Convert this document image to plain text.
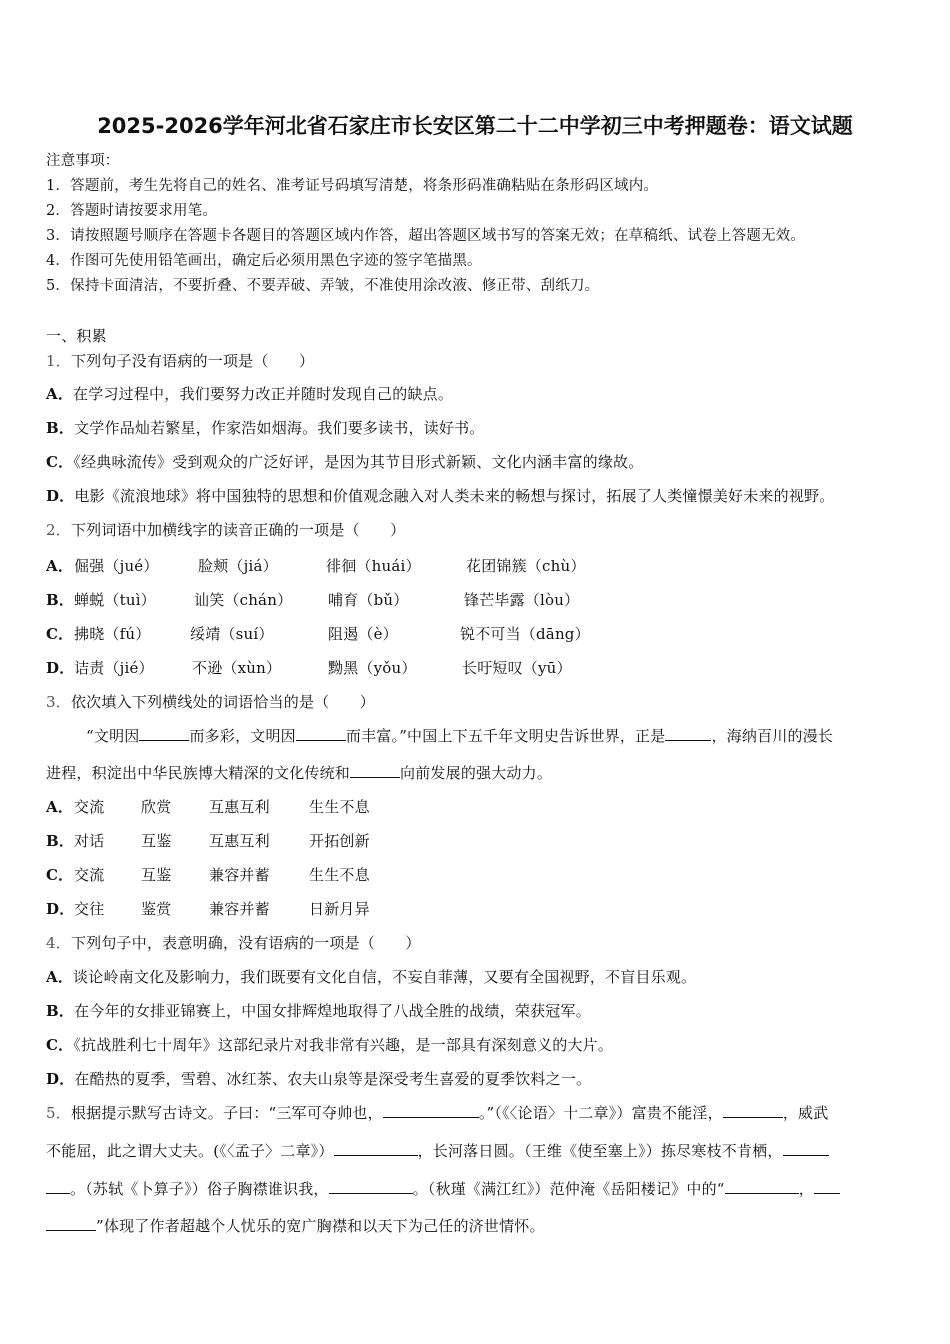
2025-2026学年河北省石家庄市长安区第二十二中学初三中考押题卷：语文试题
注意事项：
1．答题前，考生先将自己的姓名、准考证号码填写清楚，将条形码准确粘贴在条形码区域内。
2．答题时请按要求用笔。
3．请按照题号顺序在答题卡各题目的答题区域内作答，超出答题区域书写的答案无效；在草稿纸、试卷上答题无效。
4．作图可先使用铅笔画出，确定后必须用黑色字迹的签字笔描黑。
5．保持卡面清洁，不要折叠、不要弄破、弄皱，不准使用涂改液、修正带、刮纸刀。
一、积累
1．下列句子没有语病的一项是（　　）
A．在学习过程中，我们要努力改正并随时发现自己的缺点。
B．文学作品灿若繁星，作家浩如烟海。我们要多读书，读好书。
C．《经典咏流传》受到观众的广泛好评，是因为其节目形式新颖、文化内涵丰富的缘故。
D．电影《流浪地球》将中国独特的思想和价值观念融入对人类未来的畅想与探讨，拓展了人类憧憬美好未来的视野。
2．下列词语中加横线字的读音正确的一项是（　　）
A． 倔强（jué）	脸颊（jiá）	徘徊（huái）	花团锦簇（chù）
B． 蝉蜕（tuì）	讪笑（chán） 哺育（bǔ）	锋芒毕露（lòu）
C． 拂晓（fú）	绥靖（suí）	阻遏（è）	锐不可当（dāng）
D． 诘责（jié）	不逊（xùn）	黝黑（yǒu）	长吁短叹（yū）
3．依次填入下列横线处的词语恰当的是（　　）
“文明因	而多彩，文明因	而丰富。”中国上下五千年文明史告诉世界，正是	，海纳百川的漫长
进程，积淀出中华民族博大精深的文化传统和	向前发展的强大动力。
A． 交流 欣赏	互惠互利	生生不息
B． 对话 互鉴	互惠互利	开拓创新
C． 交流 互鉴	兼容并蓄	生生不息
D． 交往 鉴赏	兼容并蓄	日新月异
4．下列句子中，表意明确，没有语病的一项是（　　）
A．谈论岭南文化及影响力，我们既要有文化自信，不妄自菲薄，又要有全国视野，不盲目乐观。
B．在今年的女排亚锦赛上，中国女排辉煌地取得了八战全胜的战绩，荣获冠军。
C．《抗战胜利七十周年》这部纪录片对我非常有兴趣，是一部具有深刻意义的大片。
D．在酷热的夏季，雪碧、冰红茶、农夫山泉等是深受考生喜爱的夏季饮料之一。
5．根据提示默写古诗文。子曰：“三军可夺帅也，	。”（《〈论语〉十二章》）富贵不能淫，	，威武
不能屈，此之谓大丈夫。(《〈孟子〉二章》）	，长河落日圆。（王维《使至塞上》）拣尽寒枝不肯栖，
。（苏轼《卜算子》）俗子胸襟谁识我，	。（秋瑾《满江红》）范仲淹《岳阳楼记》中的“	，
”体现了作者超越个人忧乐的宽广胸襟和以天下为己任的济世情怀。
